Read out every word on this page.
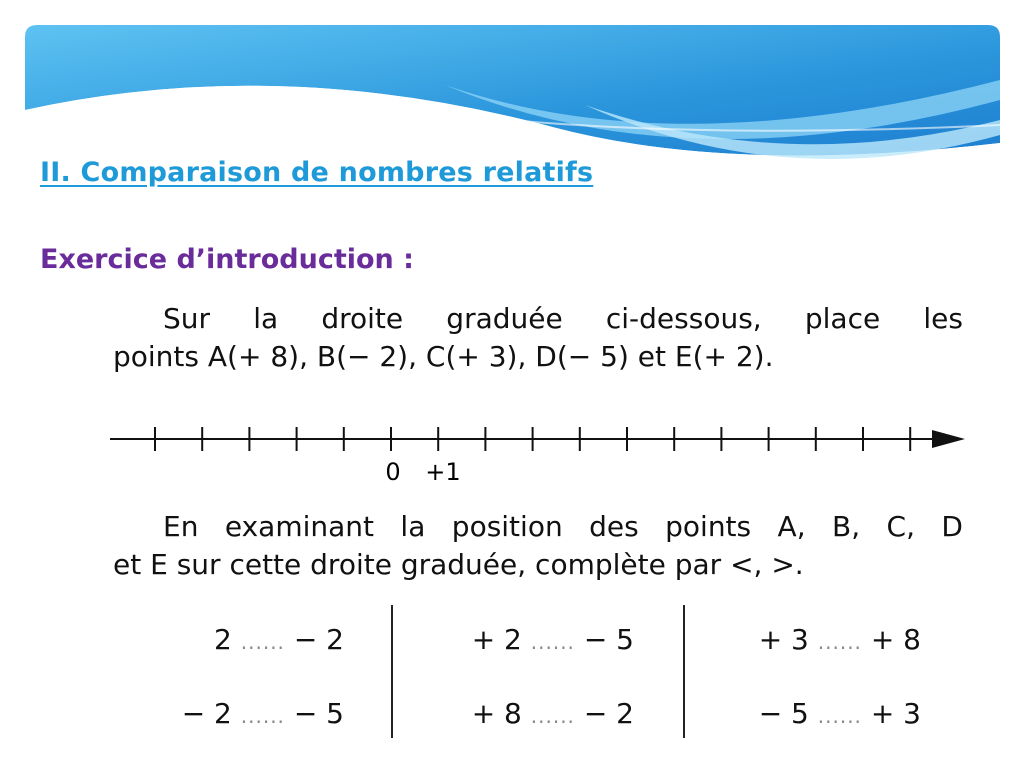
II. Comparaison de nombres relatifs
Exercice d’introduction :
Sur la droite graduée ci-dessous, place les
points A(+ 8), B(− 2), C(+ 3), D(− 5) et E(+ 2).
0 +1
En examinant la position des points A, B, C, D
et E sur cette droite graduée, complète par <, >.
2 ...... − 2	+ 2 ...... − 5	+ 3 ...... + 8
− 2 ...... − 5	+ 8 ...... − 2	− 5 ...... + 3
